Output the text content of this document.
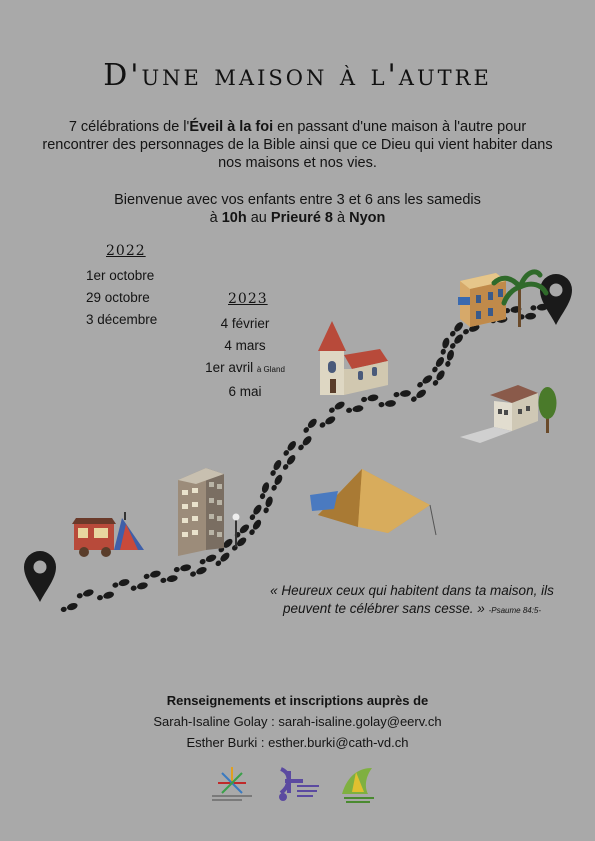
D'une maison à l'autre
7 célébrations de l'Éveil à la foi en passant d'une maison à l'autre pour rencontrer des personnages de la Bible ainsi que ce Dieu qui vient habiter dans nos maisons et nos vies.
Bienvenue avec vos enfants entre 3 et 6 ans les samedis
à 10h au Prieuré 8 à Nyon
2022
1er octobre
29 octobre
3 décembre
2023
4 février
4 mars
1er avril à Gland
6 mai
« Heureux ceux qui habitent dans ta maison, ils peuvent te célébrer sans cesse. » -Psaume 84:5-
Renseignements et inscriptions auprès de
Sarah-Isaline Golay : sarah-isaline.golay@eerv.ch
Esther Burki : esther.burki@cath-vd.ch
